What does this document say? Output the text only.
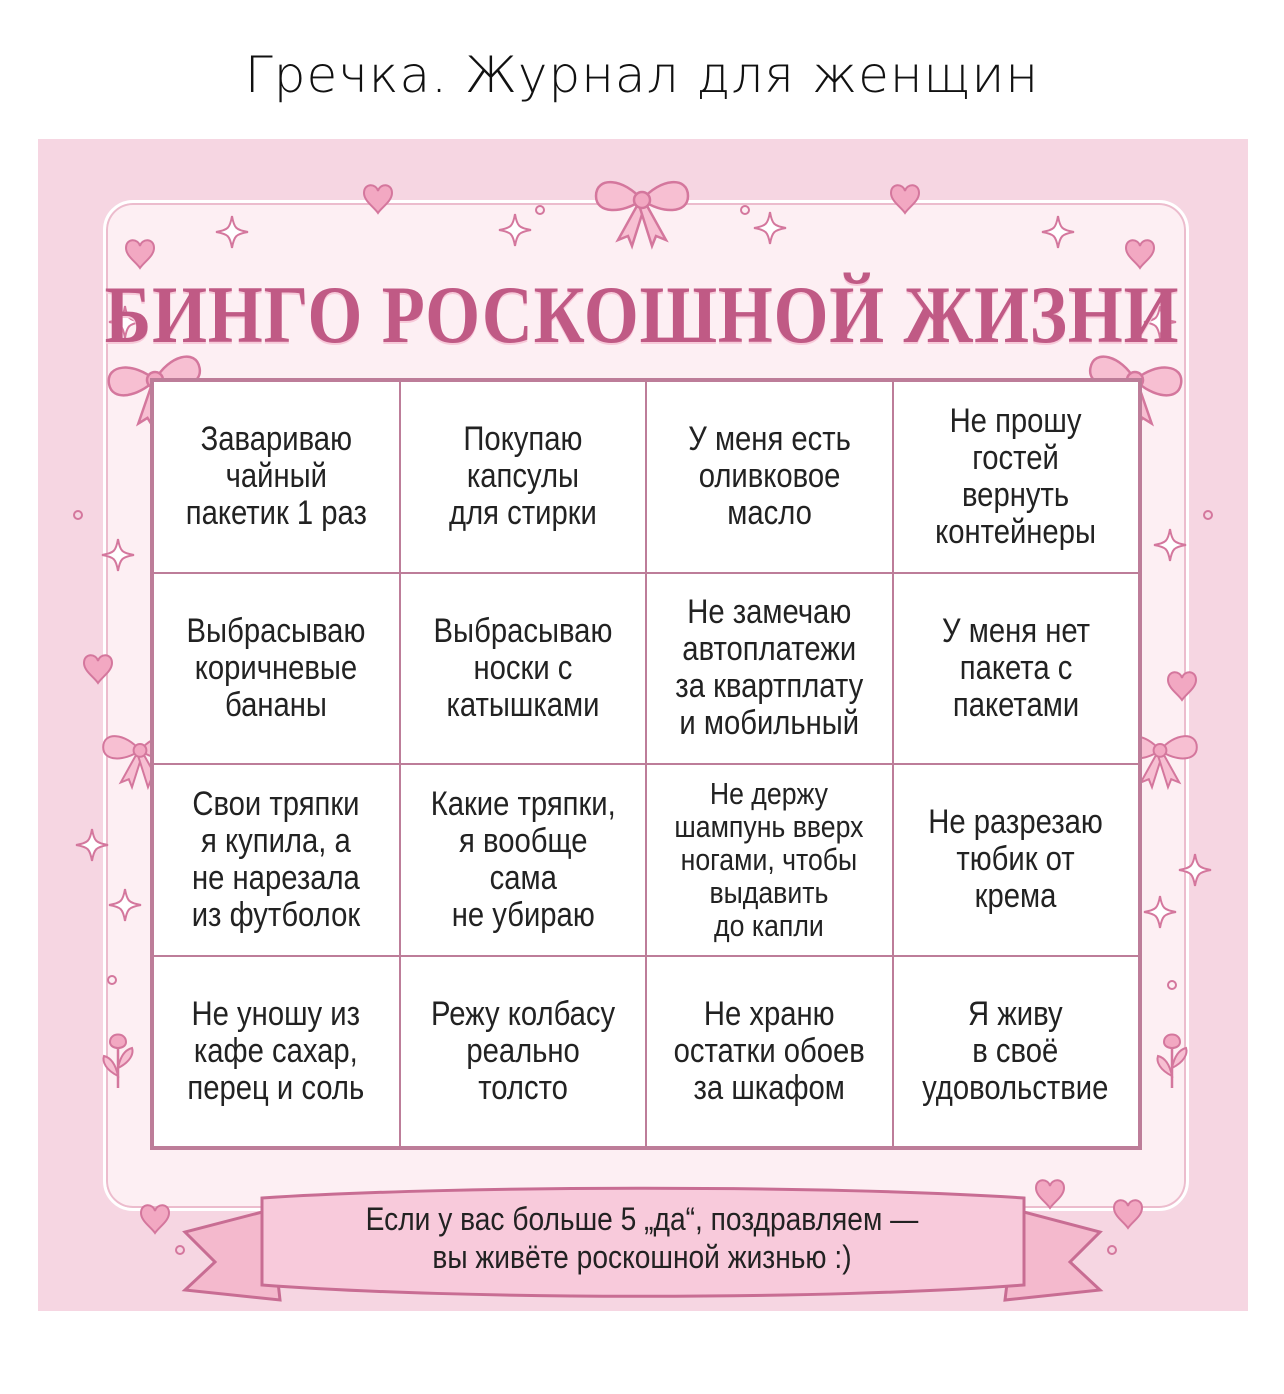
Гречка. Журнал для женщин
БИНГО РОСКОШНОЙ ЖИЗНИ
Завариваю
чайный
пакетик 1 раз
Покупаю
капсулы
для стирки
У меня есть
оливковое
масло
Не прошу
гостей
вернуть
контейнеры
Выбрасываю
коричневые
бананы
Выбрасываю
носки с
катышками
Не замечаю
автоплатежи
за квартплату
и мобильный
У меня нет
пакета с
пакетами
Свои тряпки
я купила, а
не нарезала
из футболок
Какие тряпки,
я вообще сама
не убираю
Не держу
шампунь вверх
ногами, чтобы
выдавить
до капли
Не разрезаю
тюбик от
крема
Не уношу из
кафе сахар,
перец и соль
Режу колбасу
реально
толсто
Не храню
остатки обоев
за шкафом
Я живу
в своё
удовольствие
Если у вас больше 5 „да“, поздравляем —
вы живёте роскошной жизнью :)
